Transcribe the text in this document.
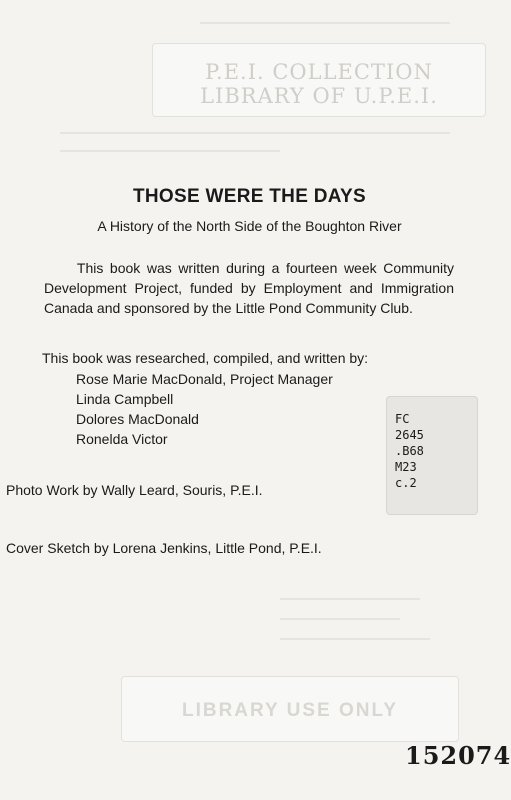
P.E.I. COLLECTION
LIBRARY OF U.P.E.I.
THOSE WERE THE DAYS
A History of the North Side of the Boughton River
This book was written during a fourteen week Community Development Project, funded by Employment and Immigration Canada and sponsored by the Little Pond Community Club.
This book was researched, compiled, and written by:
Rose Marie MacDonald, Project Manager
Linda Campbell
Dolores MacDonald
Ronelda Victor
FC
2645
.B68
M23
c.2
Photo Work by Wally Leard, Souris, P.E.I.
Cover Sketch by Lorena Jenkins, Little Pond, P.E.I.
LIBRARY USE ONLY
152074
